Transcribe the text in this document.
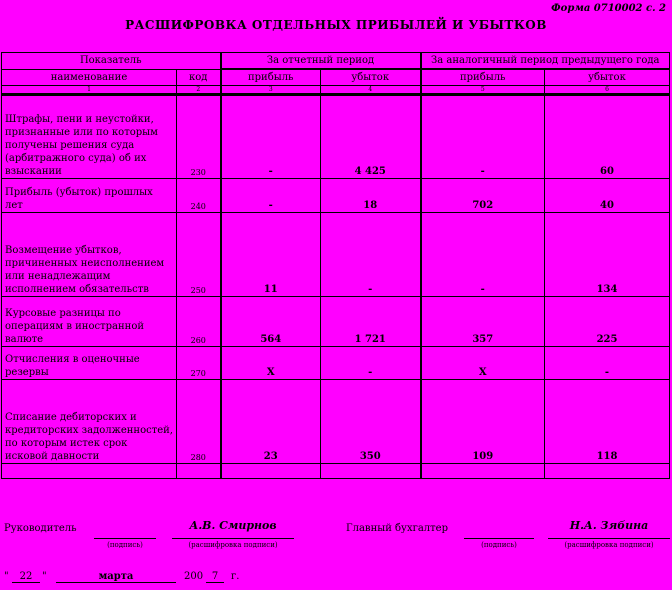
Форма 0710002 с. 2
РАСШИФРОВКА ОТДЕЛЬНЫХ ПРИБЫЛЕЙ И УБЫТКОВ
Показатель		За отчетный период		За аналогичный период предыдущего года	
наименование	код	прибыль	убыток	прибыль	убыток
1	2	3	4	5	6
Штрафы, пени и неустойки, признанные или по которым получены решения суда (арбитражного суда) об их взыскании	230	-	4 425	-	60
Прибыль (убыток) прошлых лет	240	-	18	702	40
Возмещение убытков, причиненных неисполнением или ненадлежащим исполнением обязательств	250	11	-	-	134
Курсовые разницы по операциям в иностранной валюте	260	564	1 721	357	225
Отчисления в оценочные резервы	270	Х	-	Х	-
Списание дебиторских и кредиторских задолженностей, по которым истек срок исковой давности	280	23	350	109	118

Руководитель
(подпись)
А.В. Смирнов
(расшифровка подписи)
Главный бухгалтер
(подпись)
Н.А. Зябина
(расшифровка подписи)
"	22 "	марта	200 7	г.
